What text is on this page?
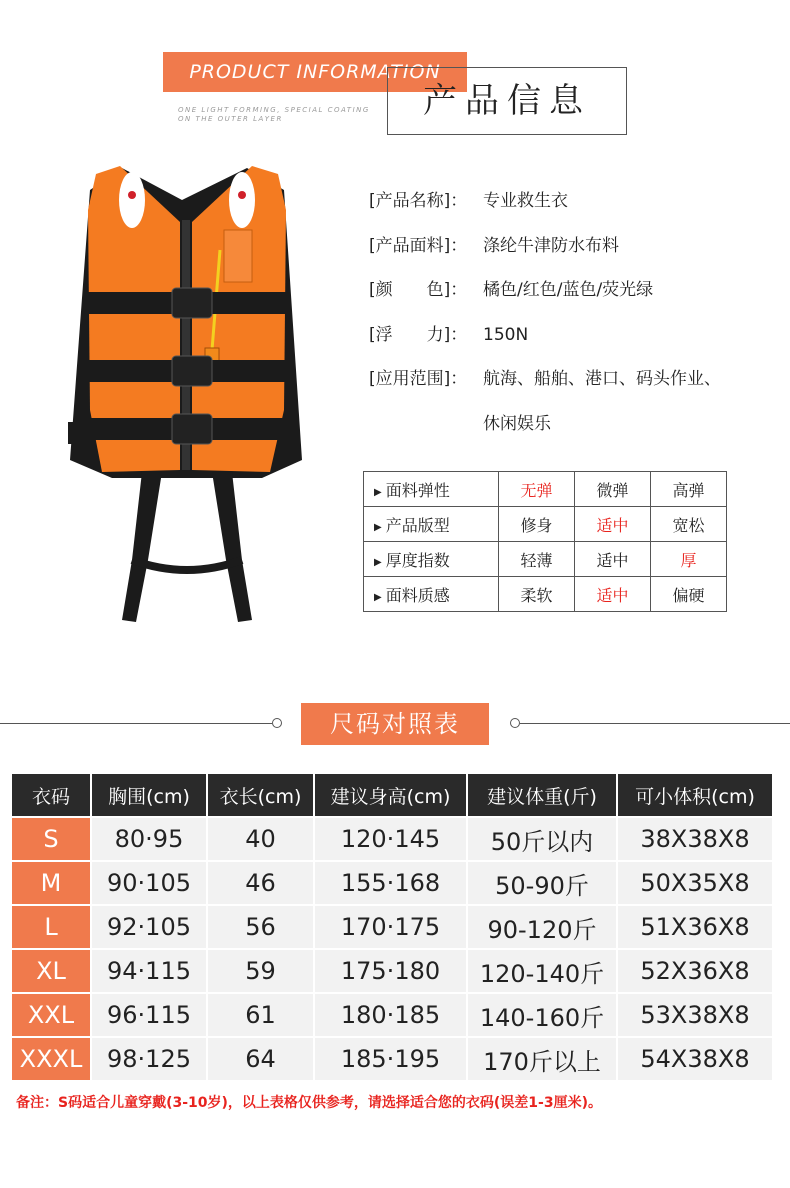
PRODUCT INFORMATION
ONE LIGHT FORMING, SPECIAL COATING
ON THE OUTER LAYER	产品信息
[产品名称]： 专业救生衣
[产品面料]： 涤纶牛津防水布料
[颜　　色]： 橘色/红色/蓝色/荧光绿
[浮　　力]： 150N
[应用范围]： 航海、船舶、港口、码头作业、
休闲娱乐
▶ 面料弹性	无弹	微弹	高弹
▶ 产品版型	修身	适中	宽松
▶ 厚度指数	轻薄	适中	厚
▶ 面料质感	柔软	适中	偏硬
尺码对照表
衣码	胸围(cm)	衣长(cm)	建议身高(cm)	建议体重(斤)	可小体积(cm)
S	80·95	40	120·145	50斤以内	38X38X8
M	90·105	46	155·168	50-90斤	50X35X8
L	92·105	56	170·175	90-120斤	51X36X8
XL	94·115	59	175·180	120-140斤	52X36X8
XXL	96·115	61	180·185	140-160斤	53X38X8
XXXL	98·125	64	185·195	170斤以上	54X38X8
备注：S码适合儿童穿戴(3-10岁)，以上表格仅供参考，请选择适合您的衣码(误差1-3厘米)。
